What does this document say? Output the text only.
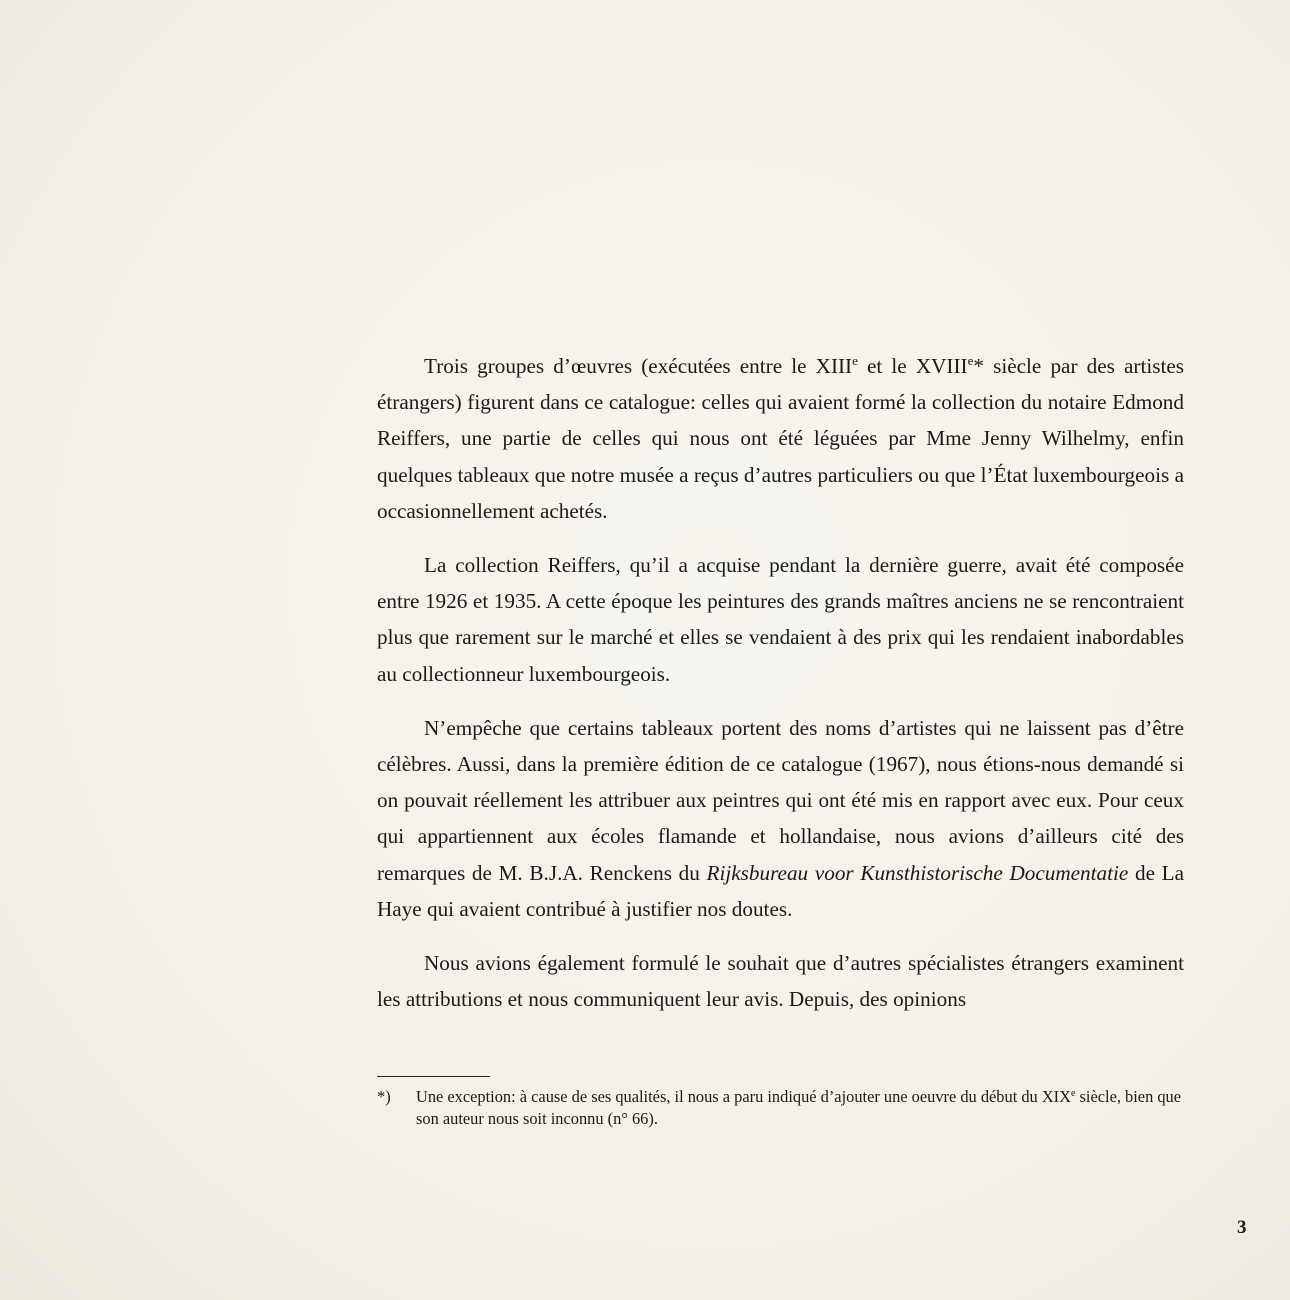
Trois groupes d’œuvres (exécutées entre le XIIIe et le XVIIIe* siècle par des artistes étrangers) figurent dans ce catalogue: celles qui avaient formé la collection du notaire Edmond Reiffers, une partie de celles qui nous ont été léguées par Mme Jenny Wilhelmy, enfin quelques tableaux que notre musée a reçus d’autres particuliers ou que l’État luxembourgeois a occasionnellement achetés.

La collection Reiffers, qu’il a acquise pendant la dernière guerre, avait été composée entre 1926 et 1935. A cette époque les peintures des grands maîtres anciens ne se rencontraient plus que rarement sur le marché et elles se vendaient à des prix qui les rendaient inabordables au collectionneur luxembourgeois.

N’empêche que certains tableaux portent des noms d’artistes qui ne laissent pas d’être célèbres. Aussi, dans la première édition de ce catalogue (1967), nous étions-nous demandé si on pouvait réellement les attribuer aux peintres qui ont été mis en rapport avec eux. Pour ceux qui appartiennent aux écoles flamande et hollandaise, nous avions d’ailleurs cité des remarques de M. B.J.A. Renckens du Rijksbureau voor Kunsthistorische Documentatie de La Haye qui avaient contribué à justifier nos doutes.

Nous avions également formulé le souhait que d’autres spécialistes étrangers examinent les attributions et nous communiquent leur avis. Depuis, des opinions

*)	Une exception: à cause de ses qualités, il nous a paru indiqué d’ajouter une oeuvre du début du XIXe siècle, bien que son auteur nous soit inconnu (n° 66).
3
